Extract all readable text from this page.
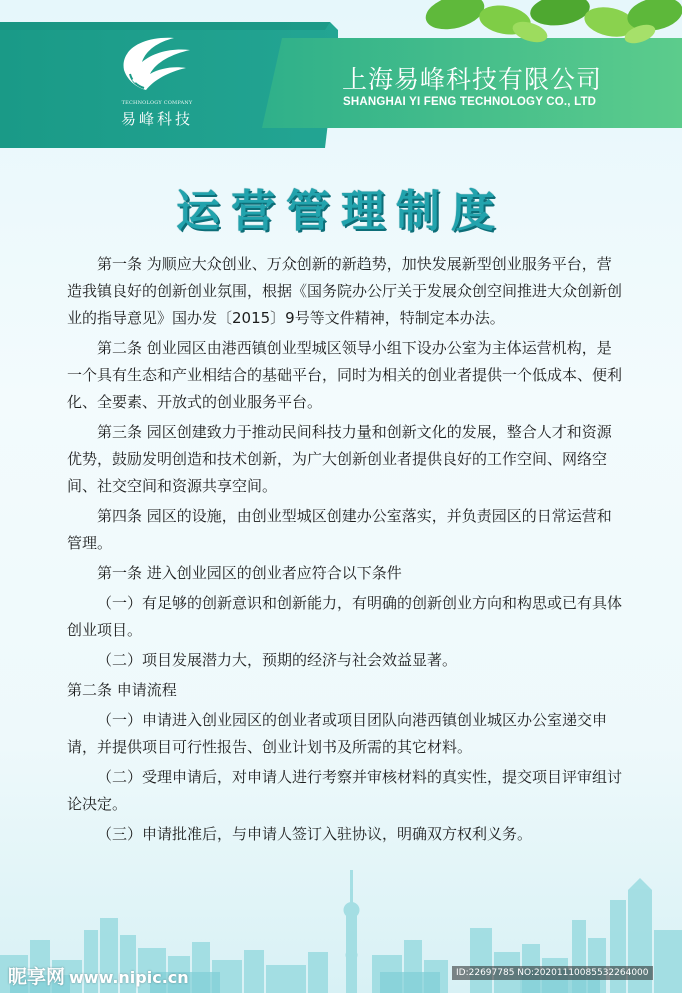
TECHNOLOGY COMPANY
易峰科技
上海易峰科技有限公司
SHANGHAI YI FENG TECHNOLOGY CO., LTD
运营管理制度

第一条 为顺应大众创业、万众创新的新趋势，加快发展新型创业服务平台，营造我镇良好的创新创业氛围，根据《国务院办公厅关于发展众创空间推进大众创新创业的指导意见》国办发〔2015〕9号等文件精神，特制定本办法。

第二条 创业园区由港西镇创业型城区领导小组下设办公室为主体运营机构，是一个具有生态和产业相结合的基础平台，同时为相关的创业者提供一个低成本、便利化、全要素、开放式的创业服务平台。

第三条 园区创建致力于推动民间科技力量和创新文化的发展，整合人才和资源优势，鼓励发明创造和技术创新，为广大创新创业者提供良好的工作空间、网络空间、社交空间和资源共享空间。

第四条 园区的设施，由创业型城区创建办公室落实，并负责园区的日常运营和管理。

第一条 进入创业园区的创业者应符合以下条件

（一）有足够的创新意识和创新能力，有明确的创新创业方向和构思或已有具体创业项目。

（二）项目发展潜力大，预期的经济与社会效益显著。

第二条 申请流程

（一）申请进入创业园区的创业者或项目团队向港西镇创业城区办公室递交申请，并提供项目可行性报告、创业计划书及所需的其它材料。

（二）受理申请后，对申请人进行考察并审核材料的真实性，提交项目评审组讨论决定。

（三）申请批准后，与申请人签订入驻协议，明确双方权利义务。

昵享网 www.nipic.cn	ID:22697785 NO:20201110085532264000
